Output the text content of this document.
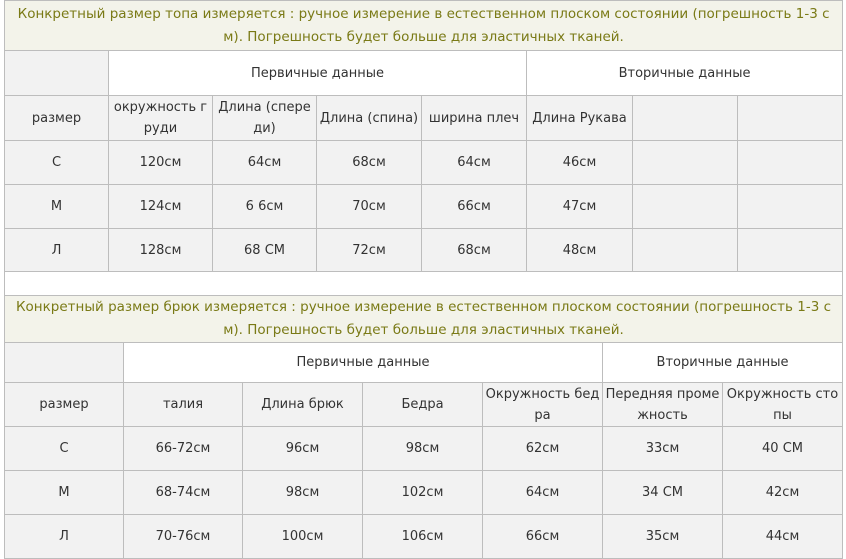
Конкретный размер топа измеряется : ручное измерение в естественном плоском состоянии (погрешность 1-3 см). Погрешность будет больше для эластичных тканей.							
	Первичные данные				Вторичные данные		
размер	окружность груди	Длина (спереди)	Длина (спина)	ширина плеч	Длина Рукава		
С	120см	64см	68см	64см	46см		
М	124см	6 6см	70см	66см	47см		
Л	128см	68 СМ	72см	68см	48см		

Конкретный размер брюк измеряется : ручное измерение в естественном плоском состоянии (погрешность 1-3 см). Погрешность будет больше для эластичных тканей.						
	Первичные данные				Вторичные данные	
размер	талия	Длина брюк	Бедра	Окружность бедра	Передняя промежность	Окружность стопы
С	66-72см	96см	98см	62см	33см	40 СМ
М	68-74см	98см	102см	64см	34 СМ	42см
Л	70-76см	100см	106см	66см	35см	44см
